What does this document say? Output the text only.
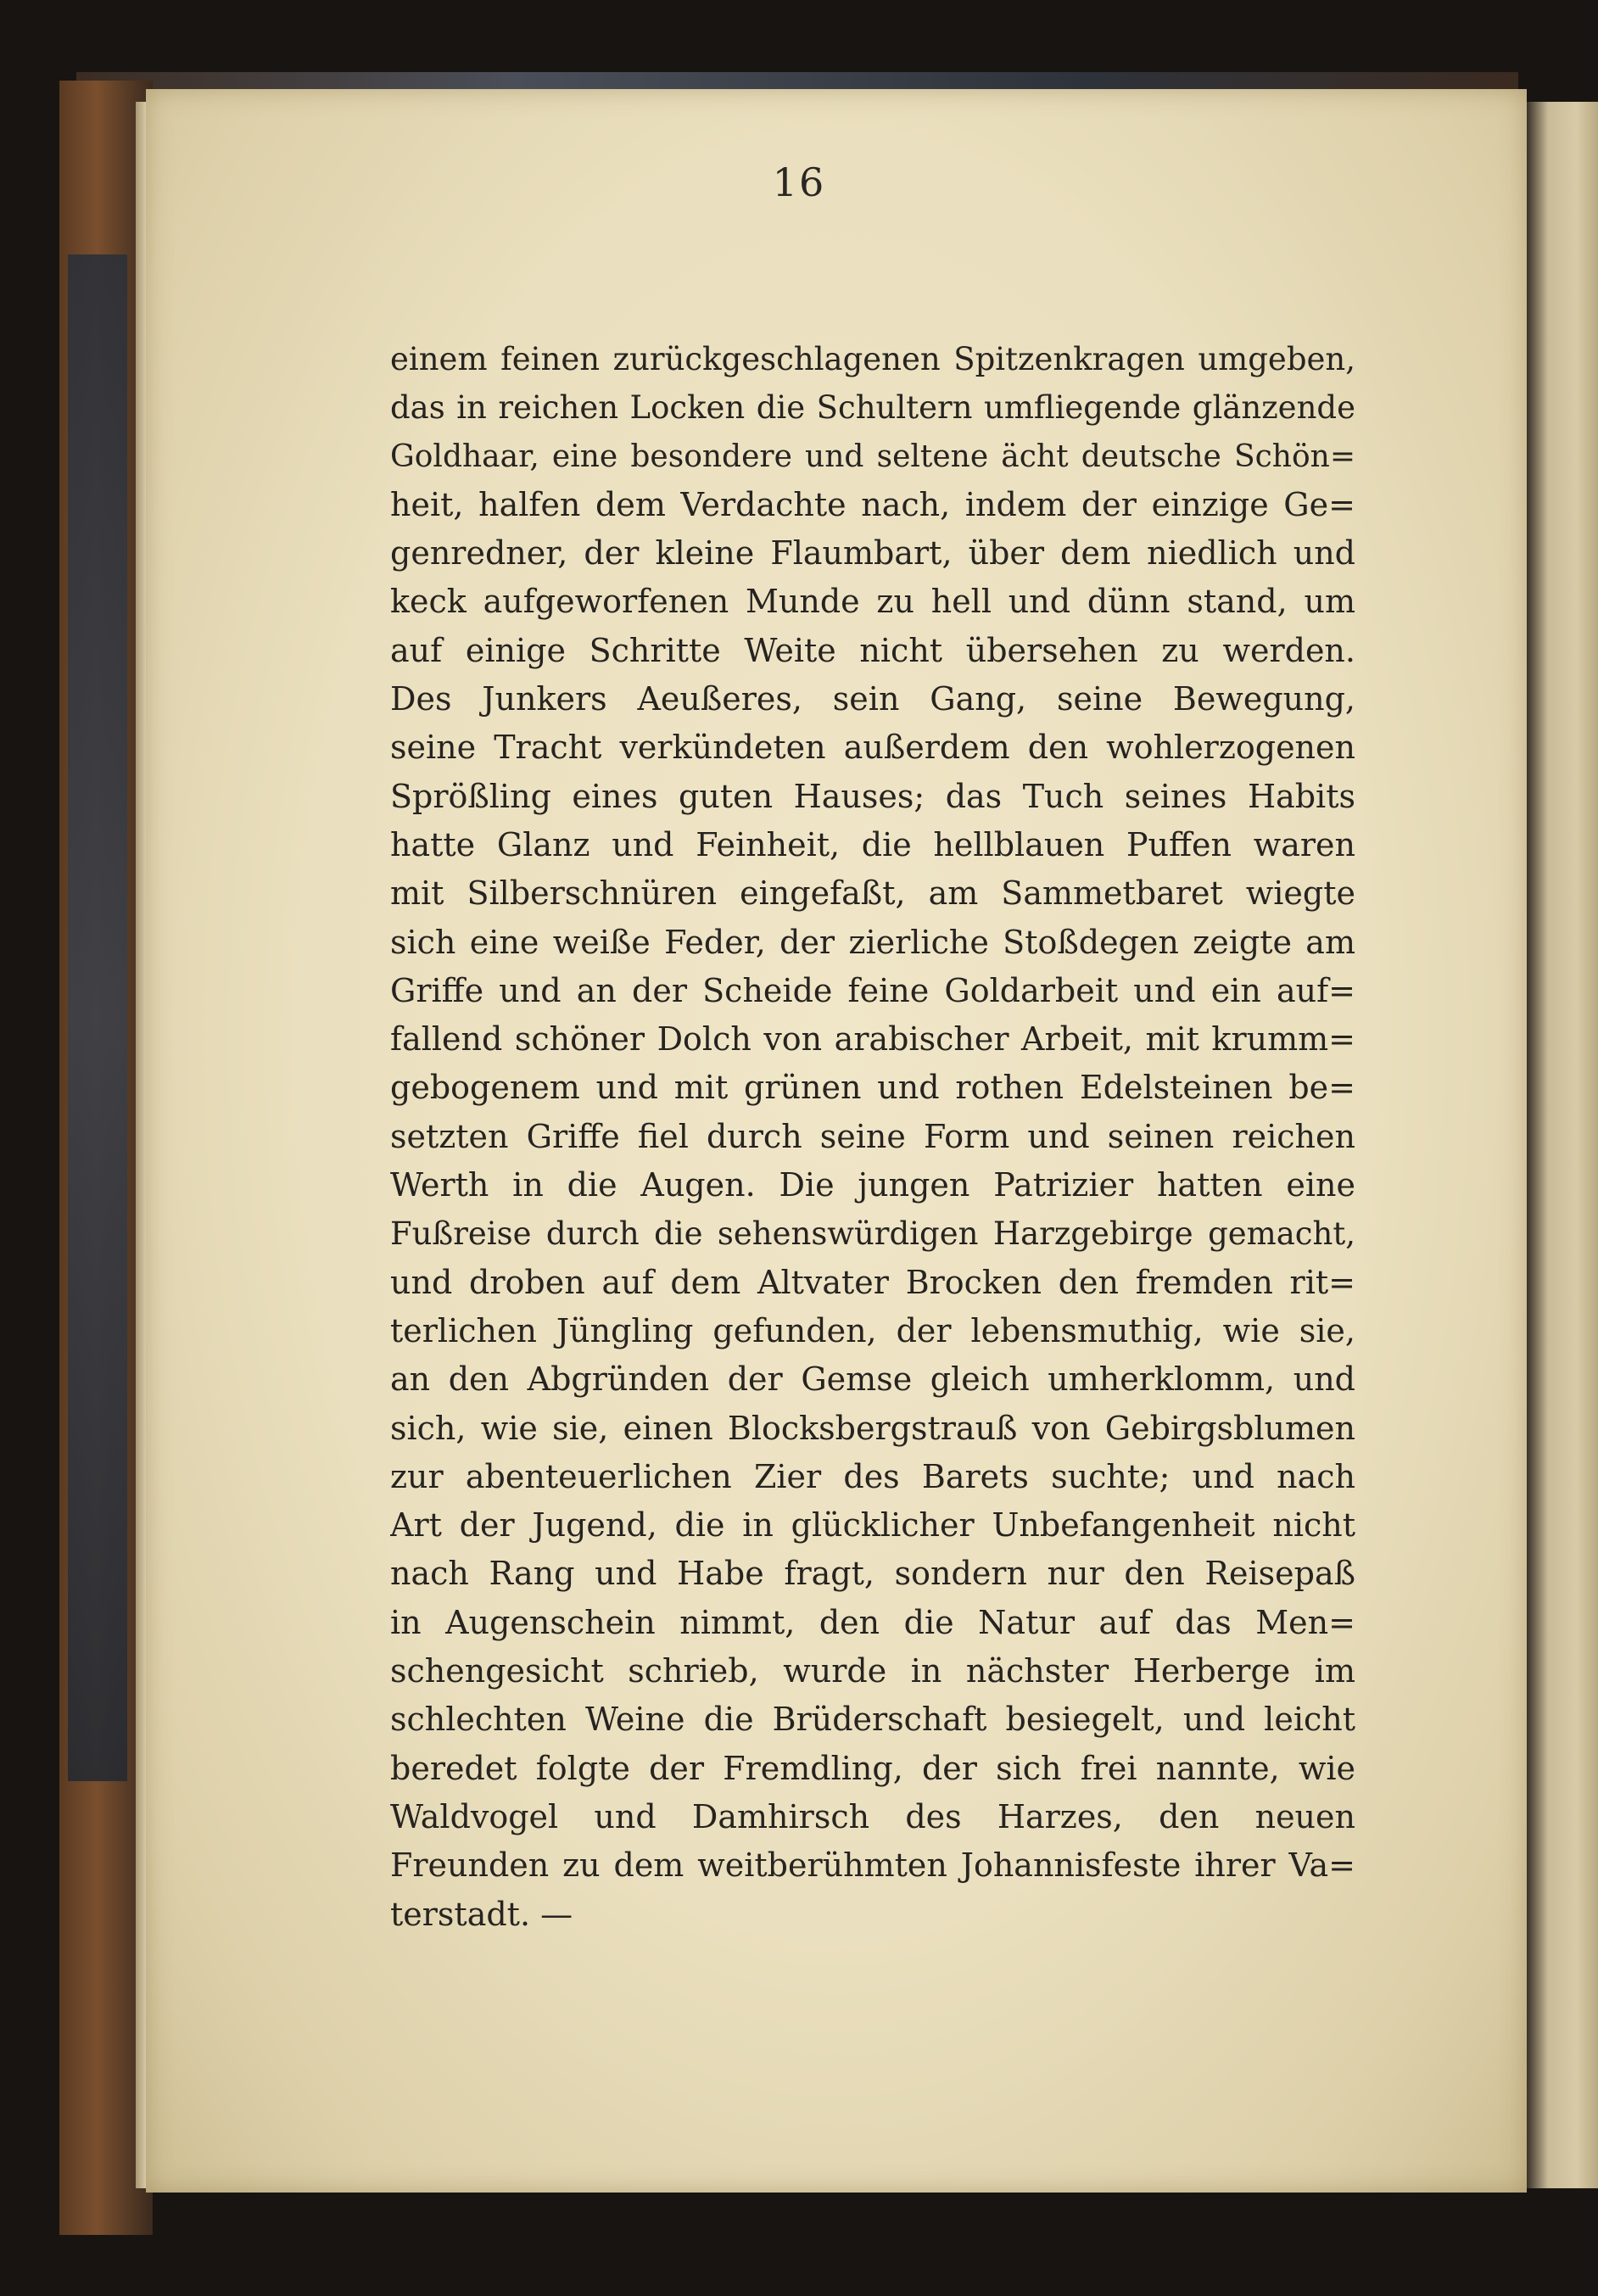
16
einem feinen zurückgeschlagenen Spitzenkragen umgeben,
das in reichen Locken die Schultern umfliegende glänzende
Goldhaar, eine besondere und seltene ächt deutsche Schön=
heit, halfen dem Verdachte nach, indem der einzige Ge=
genredner, der kleine Flaumbart, über dem niedlich und
keck aufgeworfenen Munde zu hell und dünn stand, um
auf einige Schritte Weite nicht übersehen zu werden.
Des Junkers Aeußeres, sein Gang, seine Bewegung,
seine Tracht verkündeten außerdem den wohlerzogenen
Sprößling eines guten Hauses; das Tuch seines Habits
hatte Glanz und Feinheit, die hellblauen Puffen waren
mit Silberschnüren eingefaßt, am Sammetbaret wiegte
sich eine weiße Feder, der zierliche Stoßdegen zeigte am
Griffe und an der Scheide feine Goldarbeit und ein auf=
fallend schöner Dolch von arabischer Arbeit, mit krumm=
gebogenem und mit grünen und rothen Edelsteinen be=
setzten Griffe fiel durch seine Form und seinen reichen
Werth in die Augen. Die jungen Patrizier hatten eine
Fußreise durch die sehenswürdigen Harzgebirge gemacht,
und droben auf dem Altvater Brocken den fremden rit=
terlichen Jüngling gefunden, der lebensmuthig, wie sie,
an den Abgründen der Gemse gleich umherklomm, und
sich, wie sie, einen Blocksbergstrauß von Gebirgsblumen
zur abenteuerlichen Zier des Barets suchte; und nach
Art der Jugend, die in glücklicher Unbefangenheit nicht
nach Rang und Habe fragt, sondern nur den Reisepaß
in Augenschein nimmt, den die Natur auf das Men=
schengesicht schrieb, wurde in nächster Herberge im
schlechten Weine die Brüderschaft besiegelt, und leicht
beredet folgte der Fremdling, der sich frei nannte, wie
Waldvogel und Damhirsch des Harzes, den neuen
Freunden zu dem weitberühmten Johannisfeste ihrer Va=
terstadt. —
